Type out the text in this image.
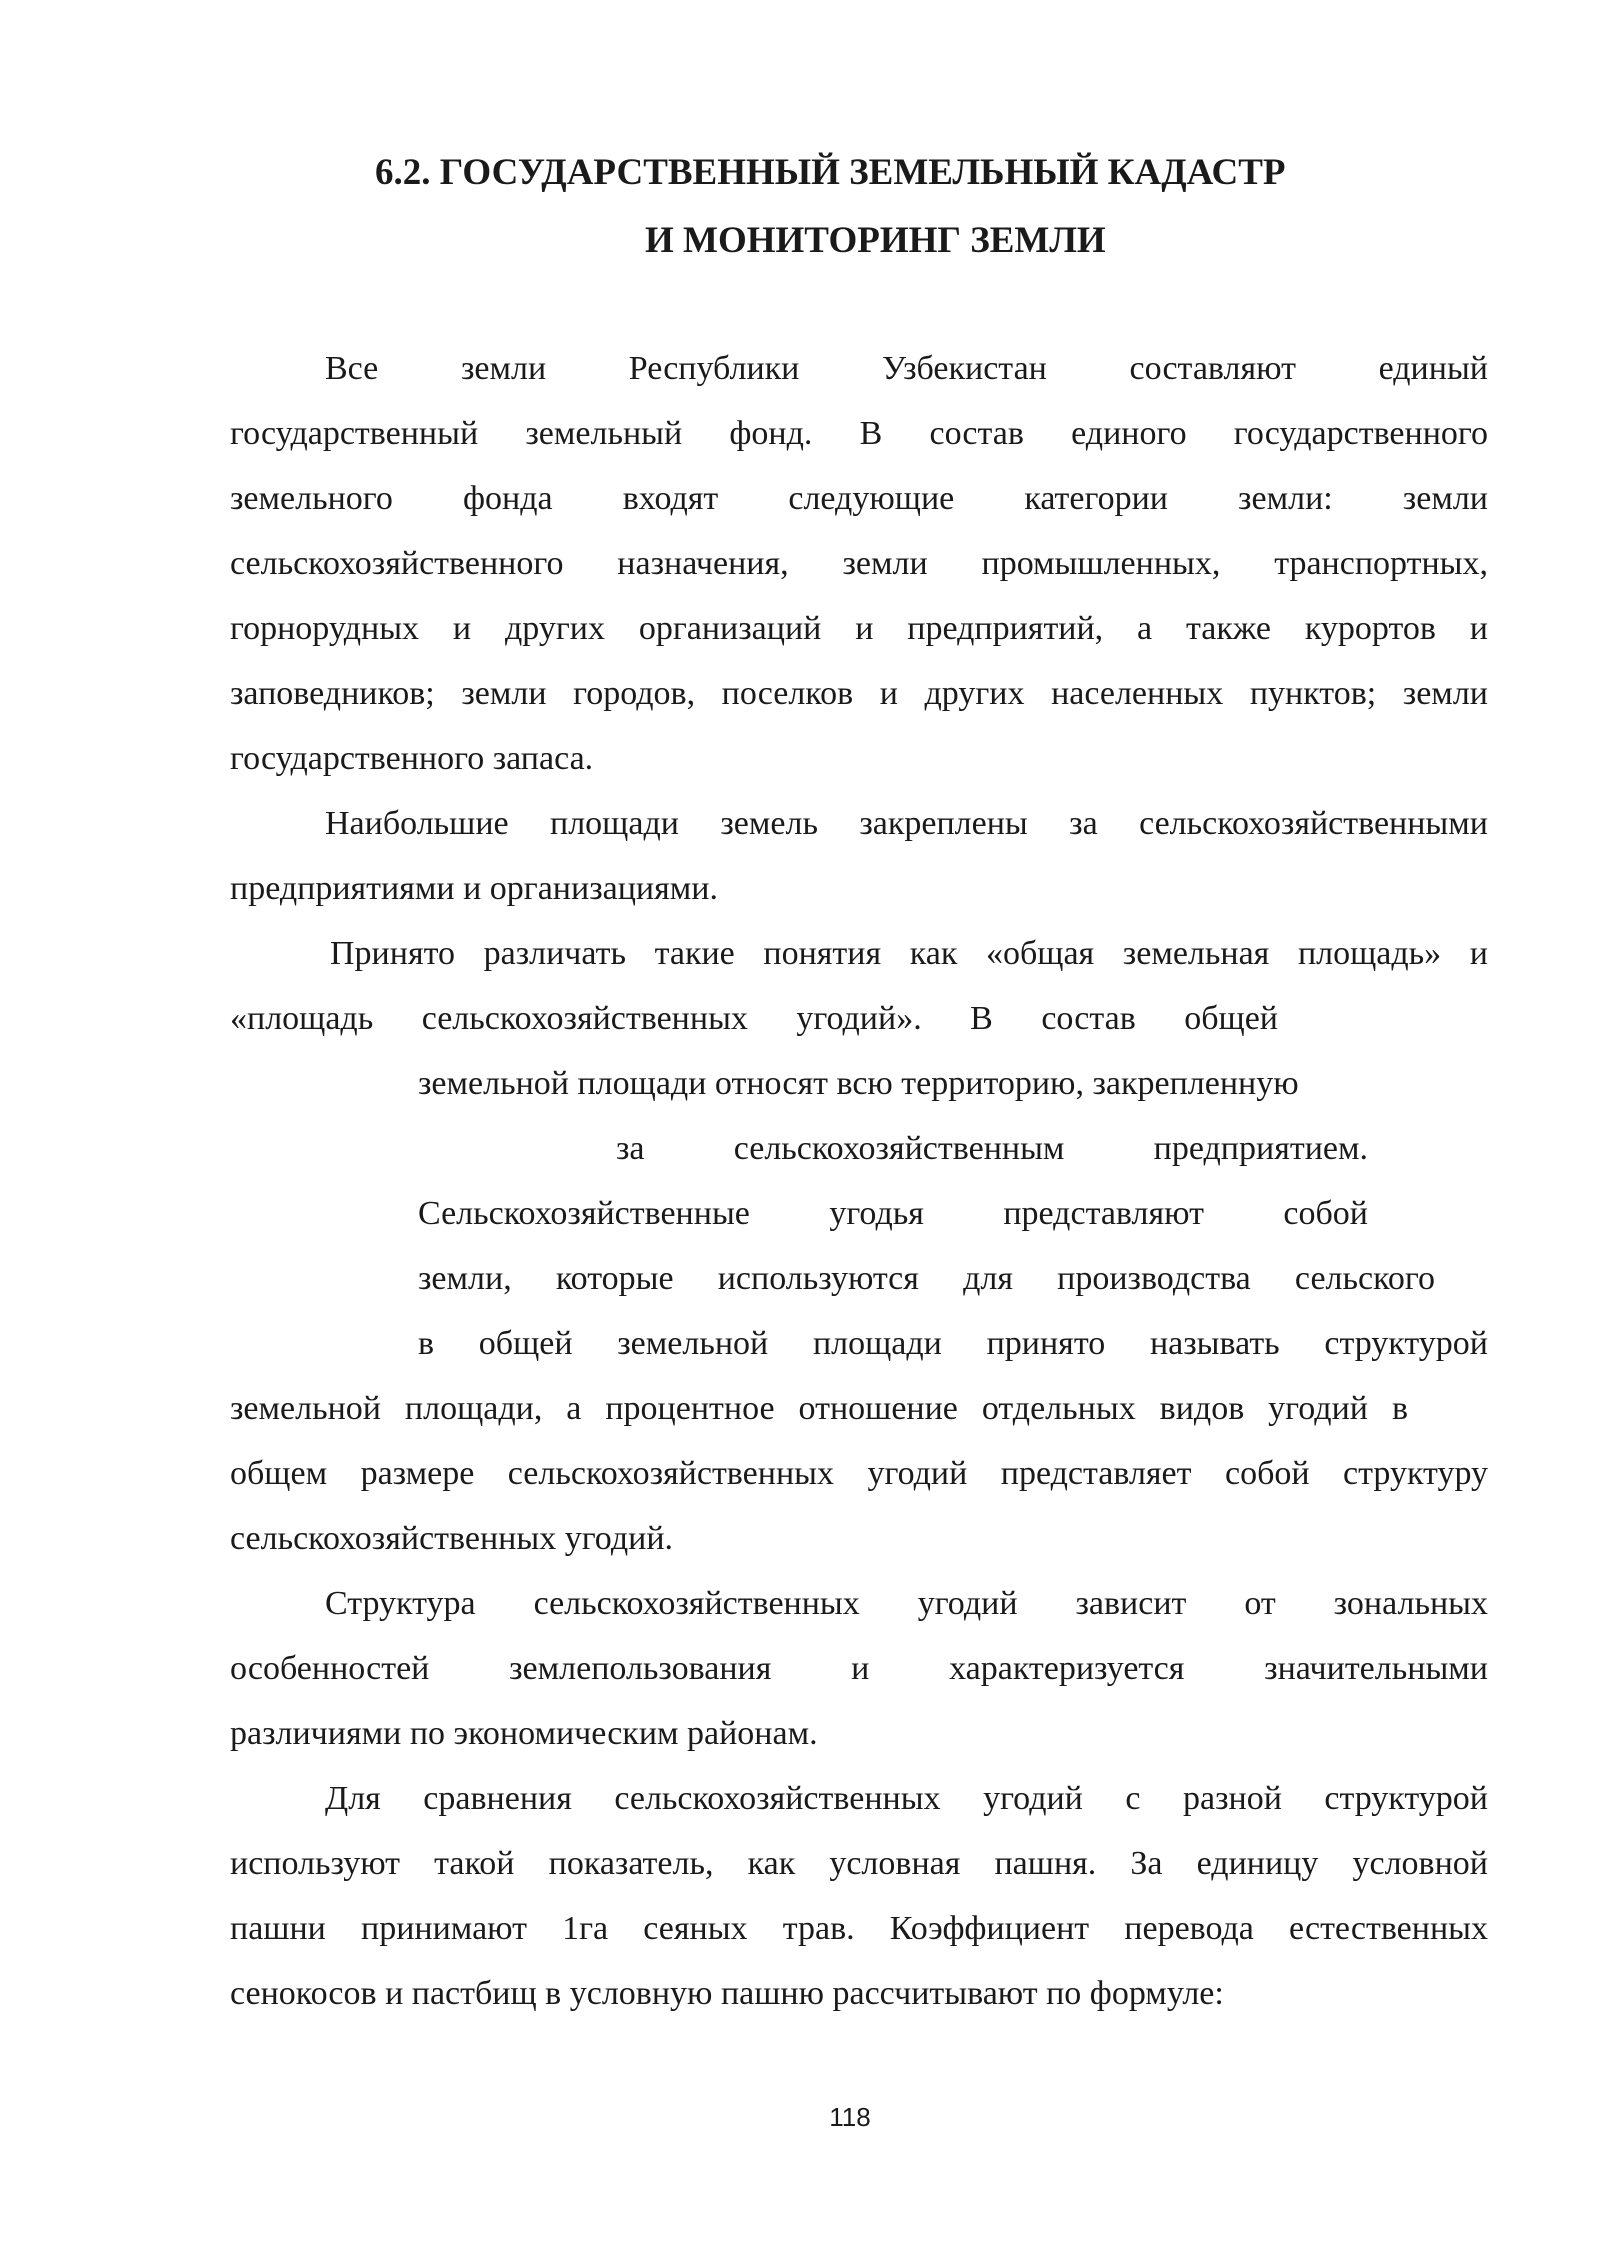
6.2. ГОСУДАРСТВЕННЫЙ ЗЕМЕЛЬНЫЙ КАДАСТР
И МОНИТОРИНГ ЗЕМЛИ
Все земли Республики Узбекистан составляют единый
государственный земельный фонд. В состав единого государственного
земельного фонда входят следующие категории земли: земли
сельскохозяйственного назначения, земли промышленных, транспортных,
горнорудных и других организаций и предприятий, а также курортов и
заповедников; земли городов, поселков и других населенных пунктов; земли
государственного запаса.
Наибольшие площади земель закреплены за сельскохозяйственными
предприятиями и организациями.
Принято различать такие понятия как «общая земельная площадь» и
«площадь сельскохозяйственных угодий». В состав общей
земельной площади относят всю территорию, закрепленную
за сельскохозяйственным предприятием.
Сельскохозяйственные угодья представляют собой
земли, которые используются для производства сельского
в общей земельной площади принято называть структурой
земельной площади, а процентное отношение отдельных видов угодий в
общем размере сельскохозяйственных угодий представляет собой структуру
сельскохозяйственных угодий.
Структура сельскохозяйственных угодий зависит от зональных
особенностей землепользования и характеризуется значительными
различиями по экономическим районам.
Для сравнения сельскохозяйственных угодий с разной структурой
используют такой показатель, как условная пашня. За единицу условной
пашни принимают 1га сеяных трав. Коэффициент перевода естественных
сенокосов и пастбищ в условную пашню рассчитывают по формуле:
118
